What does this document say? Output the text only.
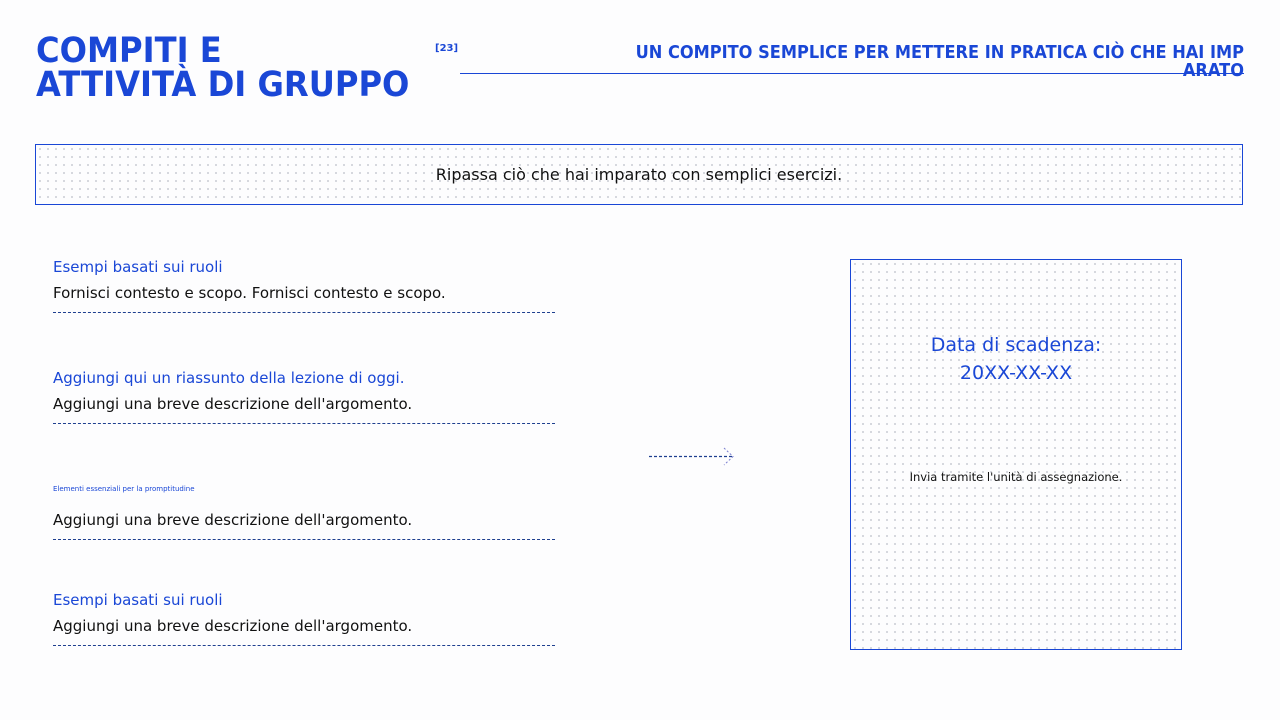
COMPITI E
ATTIVITÀ DI GRUPPO
[23]	UN COMPITO SEMPLICE PER METTERE IN PRATICA CIÒ CHE HAI IMPARATO
Ripassa ciò che hai imparato con semplici esercizi.
Esempi basati sui ruoli
Fornisci contesto e scopo. Fornisci contesto e scopo.
Aggiungi qui un riassunto della lezione di oggi.
Aggiungi una breve descrizione dell'argomento.
Elementi essenziali per la promptitudine
Aggiungi una breve descrizione dell'argomento.
Esempi basati sui ruoli
Aggiungi una breve descrizione dell'argomento.
Data di scadenza:
20XX-XX-XX
Invia tramite l'unità di assegnazione.
